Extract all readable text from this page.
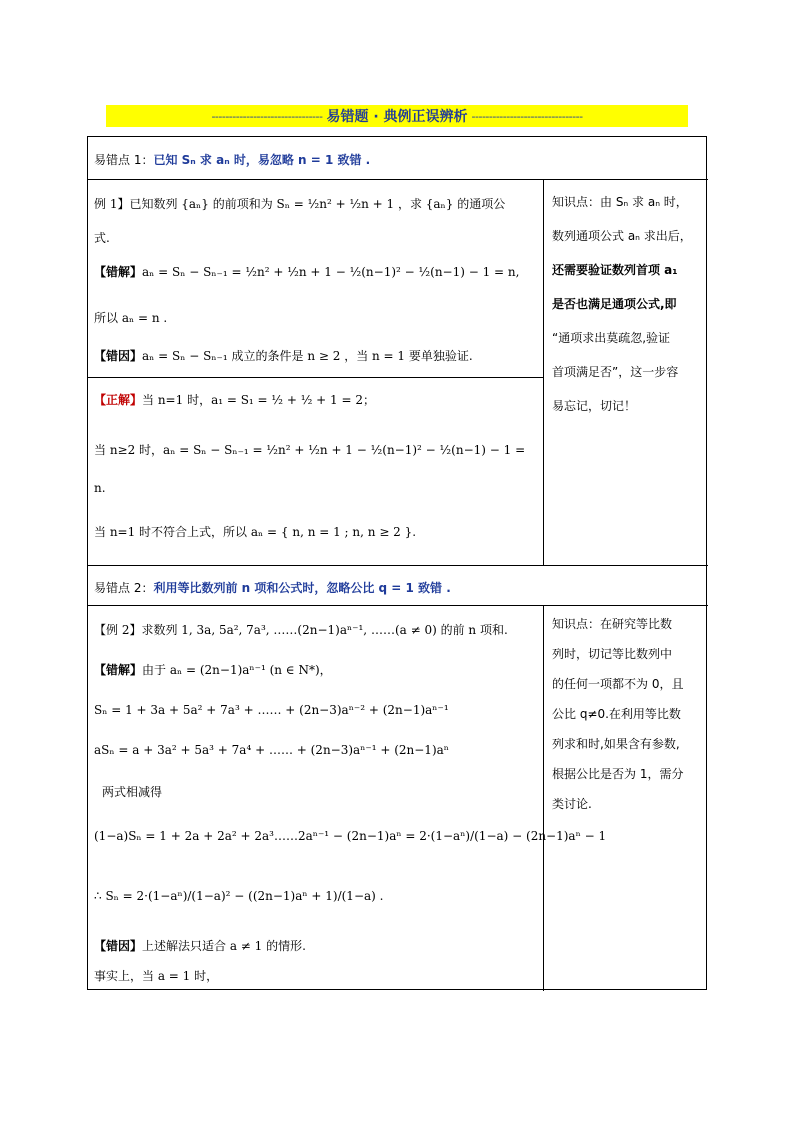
-------------------------------- 易错题 · 典例正误辨析 --------------------------------
易错点 1：已知 Sₙ 求 aₙ 时，易忽略 n = 1 致错 .
例 1】已知数列 {aₙ} 的前项和为 Sₙ = ½n² + ½n + 1 ，求 {aₙ} 的通项公
式.
【错解】aₙ = Sₙ − Sₙ₋₁ = ½n² + ½n + 1 − ½(n−1)² − ½(n−1) − 1 = n,
所以 aₙ = n .
【错因】aₙ = Sₙ − Sₙ₋₁ 成立的条件是 n ≥ 2 ，当 n = 1 要单独验证.
【正解】当 n=1 时，a₁ = S₁ = ½ + ½ + 1 = 2；
当 n≥2 时，aₙ = Sₙ − Sₙ₋₁ = ½n² + ½n + 1 − ½(n−1)² − ½(n−1) − 1 =
n.
当 n=1 时不符合上式，所以 aₙ = { n, n = 1 ; n, n ≥ 2 }.

知识点：由 Sₙ 求 aₙ 时，

数列通项公式 aₙ 求出后，

还需要验证数列首项 a₁

是否也满足通项公式,即

“通项求出莫疏忽,验证

首项满足否”，这一步容

易忘记，切记！

易错点 2：利用等比数列前 n 项和公式时，忽略公比 q = 1 致错 .
【例 2】求数列 1, 3a, 5a², 7a³, ……(2n−1)aⁿ⁻¹, ……(a ≠ 0) 的前 n 项和.
【错解】由于 aₙ = (2n−1)aⁿ⁻¹ (n ∈ N*)，
Sₙ = 1 + 3a + 5a² + 7a³ + …… + (2n−3)aⁿ⁻² + (2n−1)aⁿ⁻¹
aSₙ = a + 3a² + 5a³ + 7a⁴ + …… + (2n−3)aⁿ⁻¹ + (2n−1)aⁿ
两式相减得
(1−a)Sₙ = 1 + 2a + 2a² + 2a³……2aⁿ⁻¹ − (2n−1)aⁿ = 2·(1−aⁿ)/(1−a) − (2n−1)aⁿ − 1
∴ Sₙ = 2·(1−aⁿ)/(1−a)² − ((2n−1)aⁿ + 1)/(1−a) .
【错因】上述解法只适合 a ≠ 1 的情形.
事实上，当 a = 1 时，

知识点：在研究等比数

列时，切记等比数列中

的任何一项都不为 0，且

公比 q≠0.在利用等比数

列求和时,如果含有参数,

根据公比是否为 1，需分

类讨论.
